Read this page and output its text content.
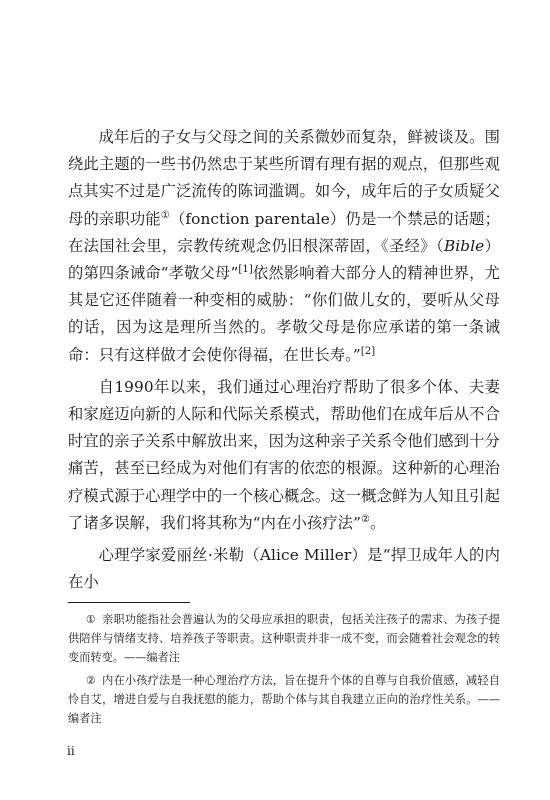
成年后的子女与父母之间的关系微妙而复杂，鲜被谈及。围绕此主题的一些书仍然忠于某些所谓有理有据的观点，但那些观点其实不过是广泛流传的陈词滥调。如今，成年后的子女质疑父母的亲职功能①（fonction parentale）仍是一个禁忌的话题；在法国社会里，宗教传统观念仍旧根深蒂固，《圣经》（Bible）的第四条诫命“孝敬父母”[1]依然影响着大部分人的精神世界，尤其是它还伴随着一种变相的威胁：“你们做儿女的，要听从父母的话，因为这是理所当然的。孝敬父母是你应承诺的第一条诫命：只有这样做才会使你得福，在世长寿。”[2]

自1990年以来，我们通过心理治疗帮助了很多个体、夫妻和家庭迈向新的人际和代际关系模式，帮助他们在成年后从不合时宜的亲子关系中解放出来，因为这种亲子关系令他们感到十分痛苦，甚至已经成为对他们有害的依恋的根源。这种新的心理治疗模式源于心理学中的一个核心概念。这一概念鲜为人知且引起了诸多误解，我们将其称为“内在小孩疗法”②。

心理学家爱丽丝·米勒（Alice Miller）是“捍卫成年人的内在小

① 亲职功能指社会普遍认为的父母应承担的职责，包括关注孩子的需求、为孩子提供陪伴与情绪支持、培养孩子等职责。这种职责并非一成不变，而会随着社会观念的转变而转变。——编者注

② 内在小孩疗法是一种心理治疗方法，旨在提升个体的自尊与自我价值感，减轻自怜自艾，增进自爱与自我抚慰的能力，帮助个体与其自我建立正向的治疗性关系。——编者注

ii
